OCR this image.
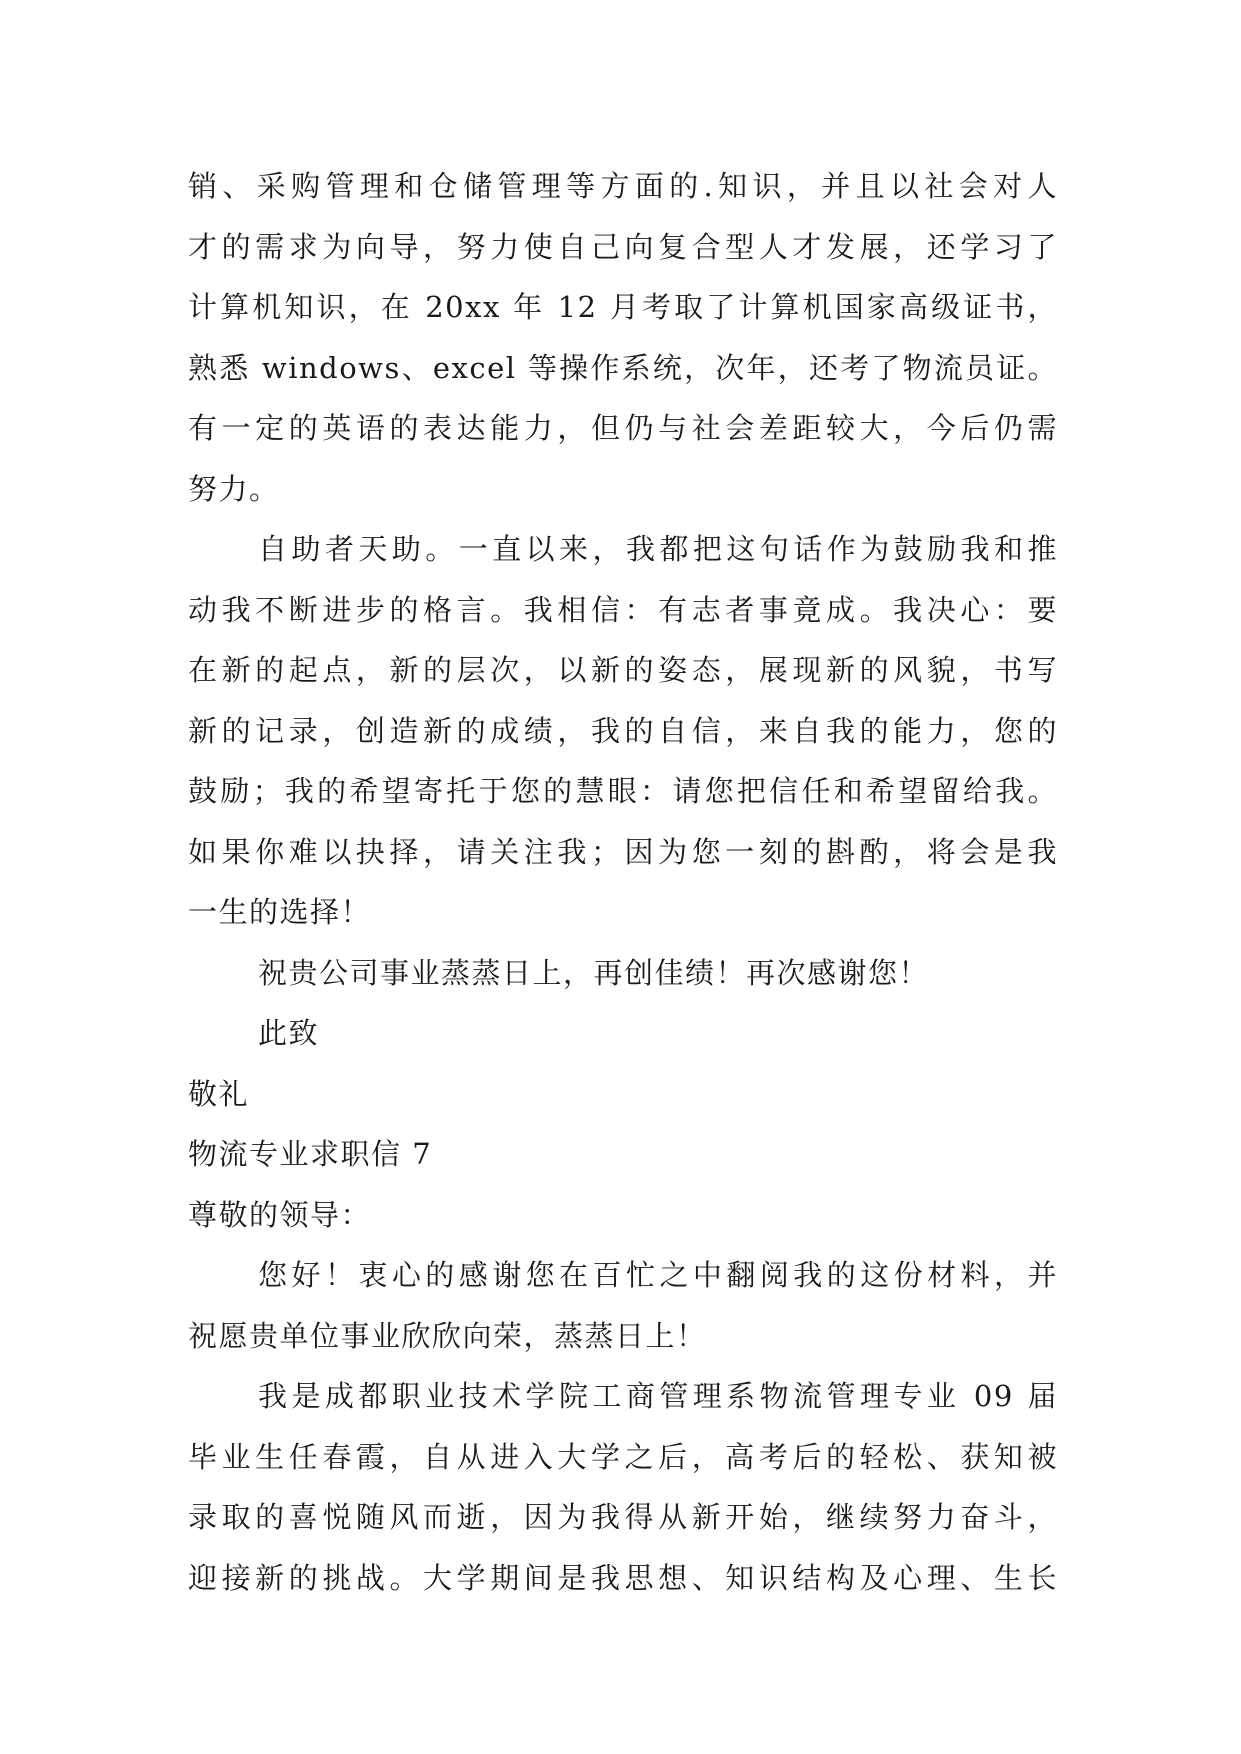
销、采购管理和仓储管理等方面的.知识，并且以社会对人
才的需求为向导，努力使自己向复合型人才发展，还学习了
计算机知识，在 20xx 年 12 月考取了计算机国家高级证书，
熟悉 windows、excel 等操作系统，次年，还考了物流员证。
有一定的英语的表达能力，但仍与社会差距较大，今后仍需
努力。
自助者天助。一直以来，我都把这句话作为鼓励我和推
动我不断进步的格言。我相信：有志者事竟成。我决心：要
在新的起点，新的层次，以新的姿态，展现新的风貌，书写
新的记录，创造新的成绩，我的自信，来自我的能力，您的
鼓励；我的希望寄托于您的慧眼：请您把信任和希望留给我。
如果你难以抉择，请关注我；因为您一刻的斟酌，将会是我
一生的选择！
祝贵公司事业蒸蒸日上，再创佳绩！再次感谢您！
此致
敬礼
物流专业求职信 7
尊敬的领导：
您好！衷心的感谢您在百忙之中翻阅我的这份材料，并
祝愿贵单位事业欣欣向荣，蒸蒸日上！
我是成都职业技术学院工商管理系物流管理专业 09 届
毕业生任春霞，自从进入大学之后，高考后的轻松、获知被
录取的喜悦随风而逝，因为我得从新开始，继续努力奋斗，
迎接新的挑战。大学期间是我思想、知识结构及心理、生长
